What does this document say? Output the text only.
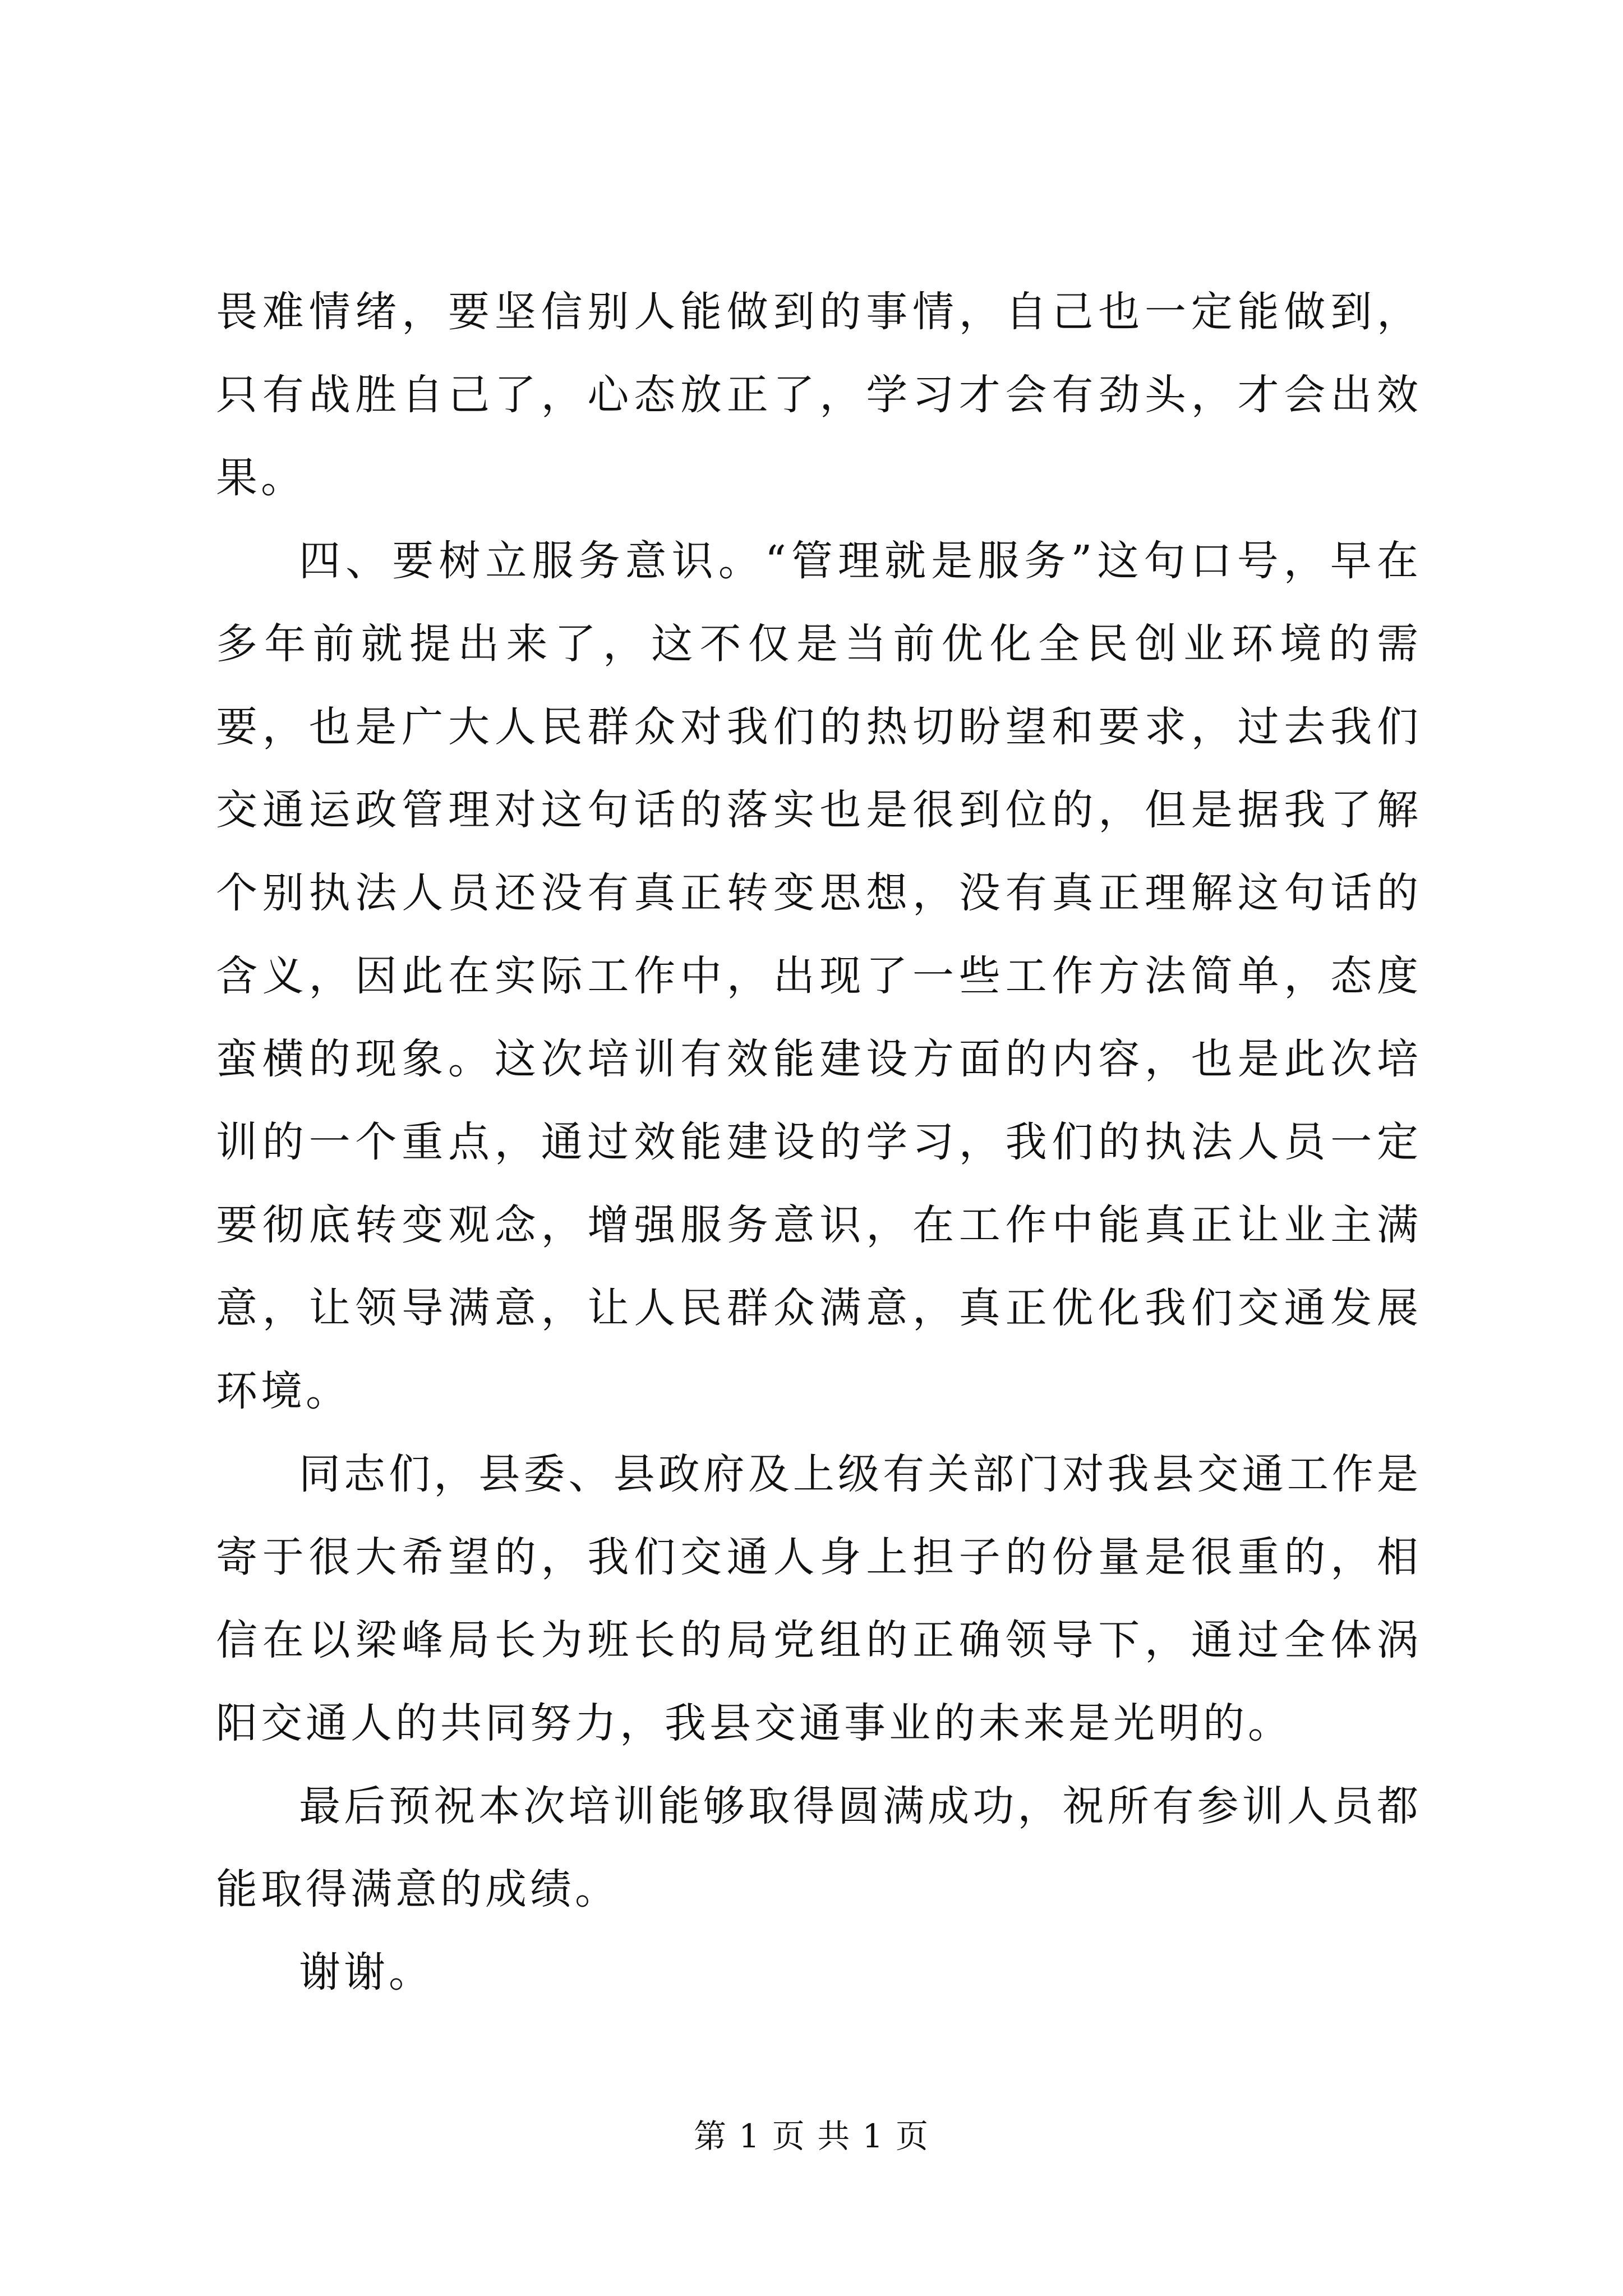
畏难情绪，要坚信别人能做到的事情，自己也一定能做到，只有战胜自己了，心态放正了，学习才会有劲头，才会出效果。

四、要树立服务意识。“管理就是服务”这句口号，早在多年前就提出来了，这不仅是当前优化全民创业环境的需要，也是广大人民群众对我们的热切盼望和要求，过去我们交通运政管理对这句话的落实也是很到位的，但是据我了解个别执法人员还没有真正转变思想，没有真正理解这句话的含义，因此在实际工作中，出现了一些工作方法简单，态度蛮横的现象。这次培训有效能建设方面的内容，也是此次培训的一个重点，通过效能建设的学习，我们的执法人员一定要彻底转变观念，增强服务意识，在工作中能真正让业主满意，让领导满意，让人民群众满意，真正优化我们交通发展环境。

同志们，县委、县政府及上级有关部门对我县交通工作是寄于很大希望的，我们交通人身上担子的份量是很重的，相信在以梁峰局长为班长的局党组的正确领导下，通过全体涡阳交通人的共同努力，我县交通事业的未来是光明的。

最后预祝本次培训能够取得圆满成功，祝所有参训人员都能取得满意的成绩。

谢谢。

第 1 页 共 1 页
